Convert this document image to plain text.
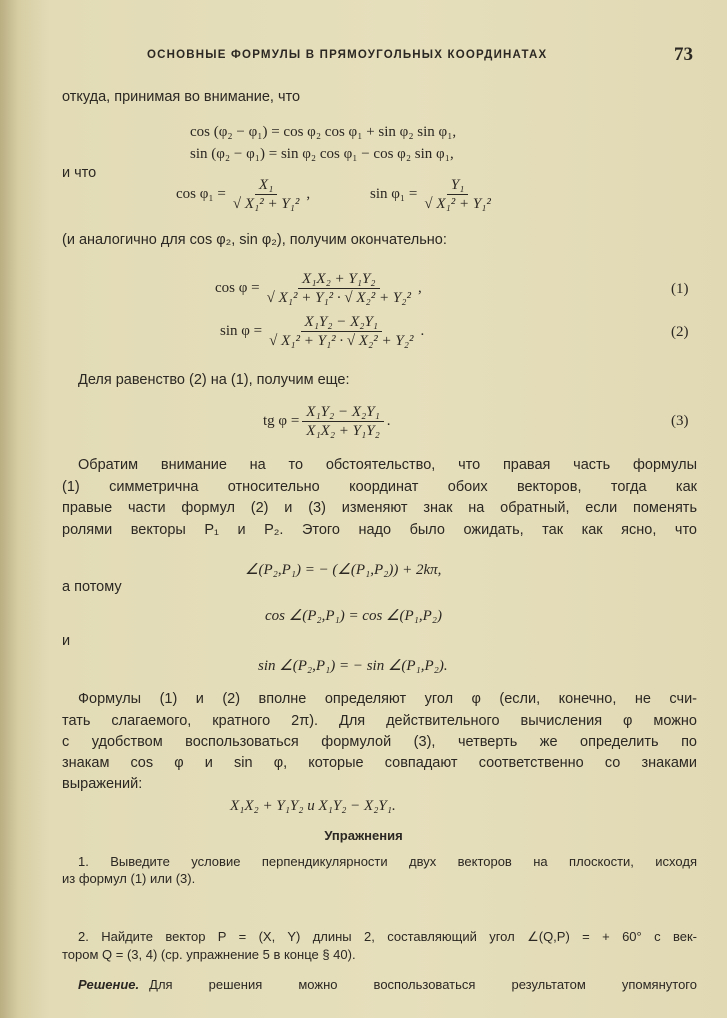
ОСНОВНЫЕ ФОРМУЛЫ В ПРЯМОУГОЛЬНЫХ КООРДИНАТАХ	73
откуда, принимая во внимание, что
cos (φ₂ − φ₁) = cos φ₂ cos φ₁ + sin φ₂ sin φ₁,
sin (φ₂ − φ₁) = sin φ₂ cos φ₁ − cos φ₂ sin φ₁,
и что
$\cos \varphi_1 = \frac{\text{X₁}}{\text{√ X₁² + Y₁²}}$ ,	$\sin \varphi_1 = \frac{\text{Y₁}}{\text{√ X₁² + Y₁²}}$
(и аналогично для cos φ₂, sin φ₂), получим окончательно:
$\cos \varphi = \frac{\text{X₁X₂ + Y₁Y₂}}{\text{√ X₁² + Y₁² · √ X₂² + Y₂²}}$ ,	(1)
$\sin \varphi = \frac{\text{X₁Y₂ − X₂Y₁}}{\text{√ X₁² + Y₁² · √ X₂² + Y₂²}}$ .	(2)
Деля равенство (2) на (1), получим еще:
tg $\varphi = \frac{\text{X₁Y₂ − X₂Y₁}}{\text{X₁X₂ + Y₁Y₂}}$ .	(3)
Обратим внимание на то обстоятельство, что правая часть формулы
(1) симметрична относительно координат обоих векторов, тогда как
правые части формул (2) и (3) изменяют знак на обратный, если поменять
ролями векторы P₁ и P₂. Этого надо было ожидать, так как ясно, что
∠(P₂,P₁) = − (∠(P₁,P₂)) + 2kπ,
а потому
cos ∠(P₂,P₁) = cos ∠(P₁,P₂)
и
sin ∠(P₂,P₁) = − sin ∠(P₁,P₂).
Формулы (1) и (2) вполне определяют угол φ (если, конечно, не счи-
тать слагаемого, кратного 2π). Для действительного вычисления φ можно
с удобством воспользоваться формулой (3), четверть же определить по
знакам cos φ и sin φ, которые совпадают соответственно со знаками
выражений:
X₁X₂ + Y₁Y₂ и X₁Y₂ − X₂Y₁.
Упражнения
1. Выведите условие перпендикулярности двух векторов на плоскости, исходя
из формул (1) или (3).
2. Найдите вектор P = (X, Y) длины 2, составляющий угол ∠(Q,P) = + 60° с век-
тором Q = (3, 4) (ср. упражнение 5 в конце § 40).
Решение. Для решения можно воспользоваться результатом упомянутого
